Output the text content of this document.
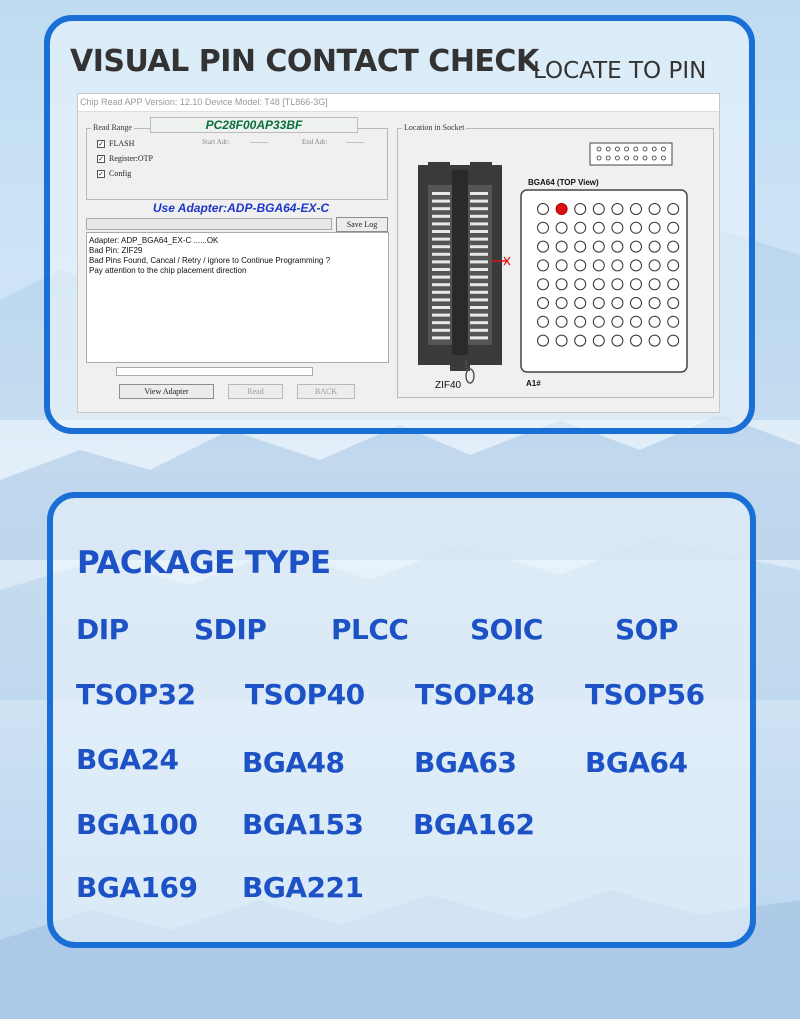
VISUAL PIN CONTACT CHECK
LOCATE TO PIN
Chip Read APP Version: 12.10 Device Model: T48 [TL866-3G]
Read Range	PC28F00AP33BF
✓ FLASH
✓ Register:OTP
✓ Config
Start Adr:	--------	End Adr:	--------
Use Adapter:ADP-BGA64-EX-C
Save Log
Adapter: ADP_BGA64_EX-C ......OK
Bad Pin: ZIF29
Bad Pins Found, Cancal / Retry / ignore to Continue Programming ?
Pay attention to the chip placement direction
View Adapter	Read	BACK
Location in Socket
BGA64 (TOP View)
ZIF40	A1#
PACKAGE TYPE
DIP SDIP PLCC SOIC	SOP
TSOP32 TSOP40 TSOP48 TSOP56
BGA24 BGA48 BGA63 BGA64
BGA100 BGA153 BGA162
BGA169 BGA221
